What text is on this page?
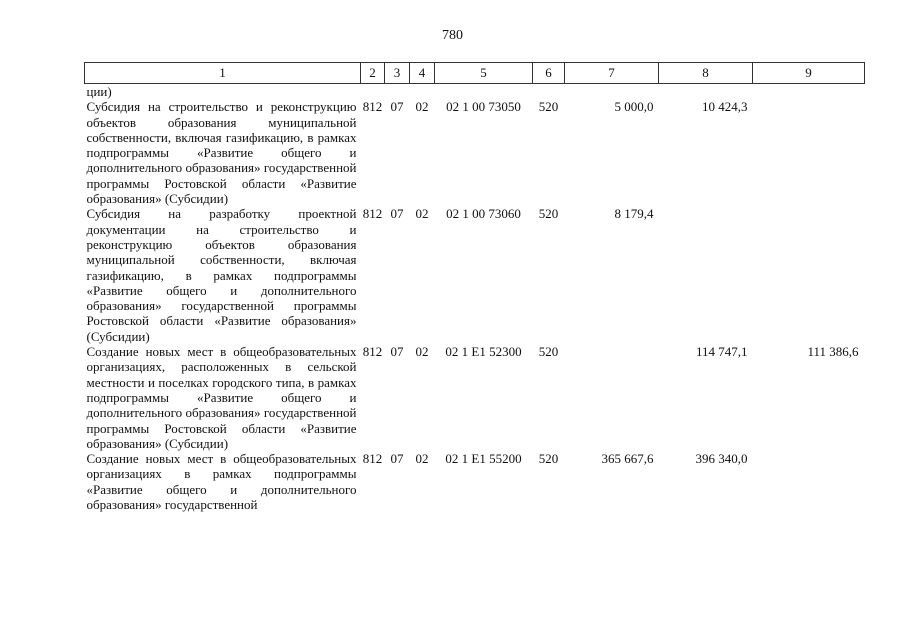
780
1	2	3	4	5	6	7	8	9
ции)								
Субсидия на строительство и реконструкцию объектов образования муниципальной собственности, включая газификацию, в рамках подпрограммы «Развитие общего и дополнительного образования» государственной программы Ростовской области «Развитие образования» (Субсидии)	812	07	02	02 1 00 73050	520	5 000,0	10 424,3	
Субсидия на разработку проектной документации на строительство и реконструкцию объектов образования муниципальной собственности, включая газификацию, в рамках подпрограммы «Развитие общего и дополнительного образования» государственной программы Ростовской области «Развитие образования» (Субсидии)	812	07	02	02 1 00 73060	520	8 179,4		
Создание новых мест в общеобразовательных организациях, расположенных в сельской местности и поселках городского типа, в рамках подпрограммы «Развитие общего и дополнительного образования» государственной программы Ростовской области «Развитие образования» (Субсидии)	812	07	02	02 1 E1 52300	520		114 747,1	111 386,6
Создание новых мест в общеобразовательных организациях в рамках подпрограммы «Развитие общего и дополнительного образования» государственной	812	07	02	02 1 E1 55200	520	365 667,6	396 340,0	
